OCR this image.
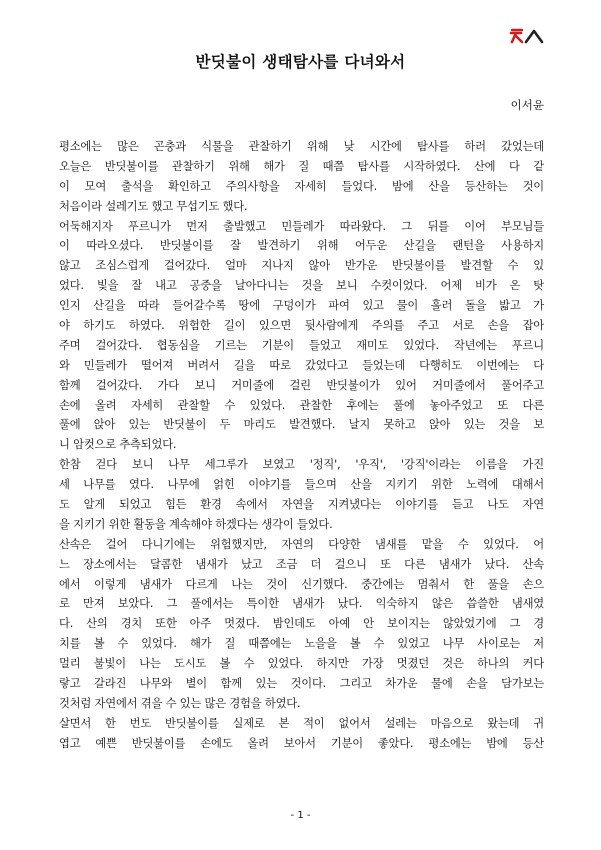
반딧불이 생태탐사를 다녀와서
이서윤
평소에는 많은 곤충과 식물을 관찰하기 위해 낮 시간에 탐사를 하러 갔었는데
오늘은 반딧불이를 관찰하기 위해 해가 질 때쯤 탐사를 시작하였다. 산에 다 같
이 모여 출석을 확인하고 주의사항을 자세히 들었다. 밤에 산을 등산하는 것이
처음이라 설레기도 했고 무섭기도 했다.
어둑해지자 푸르니가 먼저 출발했고 민들레가 따라왔다. 그 뒤를 이어 부모님들
이 따라오셨다. 반딧불이를 잘 발견하기 위해 어두운 산길을 랜턴을 사용하지
않고 조심스럽게 걸어갔다. 얼마 지나지 않아 반가운 반딧불이를 발견할 수 있
었다. 빛을 잘 내고 공중을 날아다니는 것을 보니 수컷이었다. 어제 비가 온 탓
인지 산길을 따라 들어갈수록 땅에 구덩이가 파여 있고 물이 흘러 돌을 밟고 가
야 하기도 하였다. 위험한 길이 있으면 뒷사람에게 주의를 주고 서로 손을 잡아
주며 걸어갔다. 협동심을 기르는 기분이 들었고 재미도 있었다. 작년에는 푸르니
와 민들레가 떨어져 버려서 길을 따로 갔었다고 들었는데 다행히도 이번에는 다
함께 걸어갔다. 가다 보니 거미줄에 걸린 반딧불이가 있어 거미줄에서 풀어주고
손에 올려 자세히 관찰할 수 있었다. 관찰한 후에는 풀에 놓아주었고 또 다른
풀에 앉아 있는 반딧불이 두 마리도 발견했다. 날지 못하고 앉아 있는 것을 보
니 암컷으로 추측되었다.
한참 걷다 보니 나무 세그루가 보였고 '정직', '우직', '강직'이라는 이름을 가진
세 나무를 였다. 나무에 얽힌 이야기를 들으며 산을 지키기 위한 노력에 대해서
도 알게 되었고 힘든 환경 속에서 자연을 지켜냈다는 이야기를 듣고 나도 자연
을 지키기 위한 활동을 계속해야 하겠다는 생각이 들었다.
산속은 걸어 다니기에는 위험했지만, 자연의 다양한 냄새를 맡을 수 있었다. 어
느 장소에서는 달콤한 냄새가 났고 조금 더 걸으니 또 다른 냄새가 났다. 산속
에서 이렇게 냄새가 다르게 나는 것이 신기했다. 중간에는 멈춰서 한 풀을 손으
로 만져 보았다. 그 풀에서는 특이한 냄새가 났다. 익숙하지 않은 씁쓸한 냄새였
다. 산의 경치 또한 아주 멋졌다. 밤인데도 아예 안 보이지는 않았었기에 그 경
치를 볼 수 있었다. 해가 질 때쯤에는 노을을 볼 수 있었고 나무 사이로는 저
멀리 불빛이 나는 도시도 볼 수 있었다. 하지만 가장 멋졌던 것은 하나의 커다
랗고 갈라진 나무와 별이 함께 있는 것이다. 그리고 차가운 물에 손을 담가보는
것처럼 자연에서 겪을 수 있는 많은 경험을 하였다.
살면서 한 번도 반딧불이를 실제로 본 적이 없어서 설레는 마음으로 왔는데 귀
엽고 예쁜 반딧불이를 손에도 올려 보아서 기분이 좋았다. 평소에는 밤에 등산
- 1 -
